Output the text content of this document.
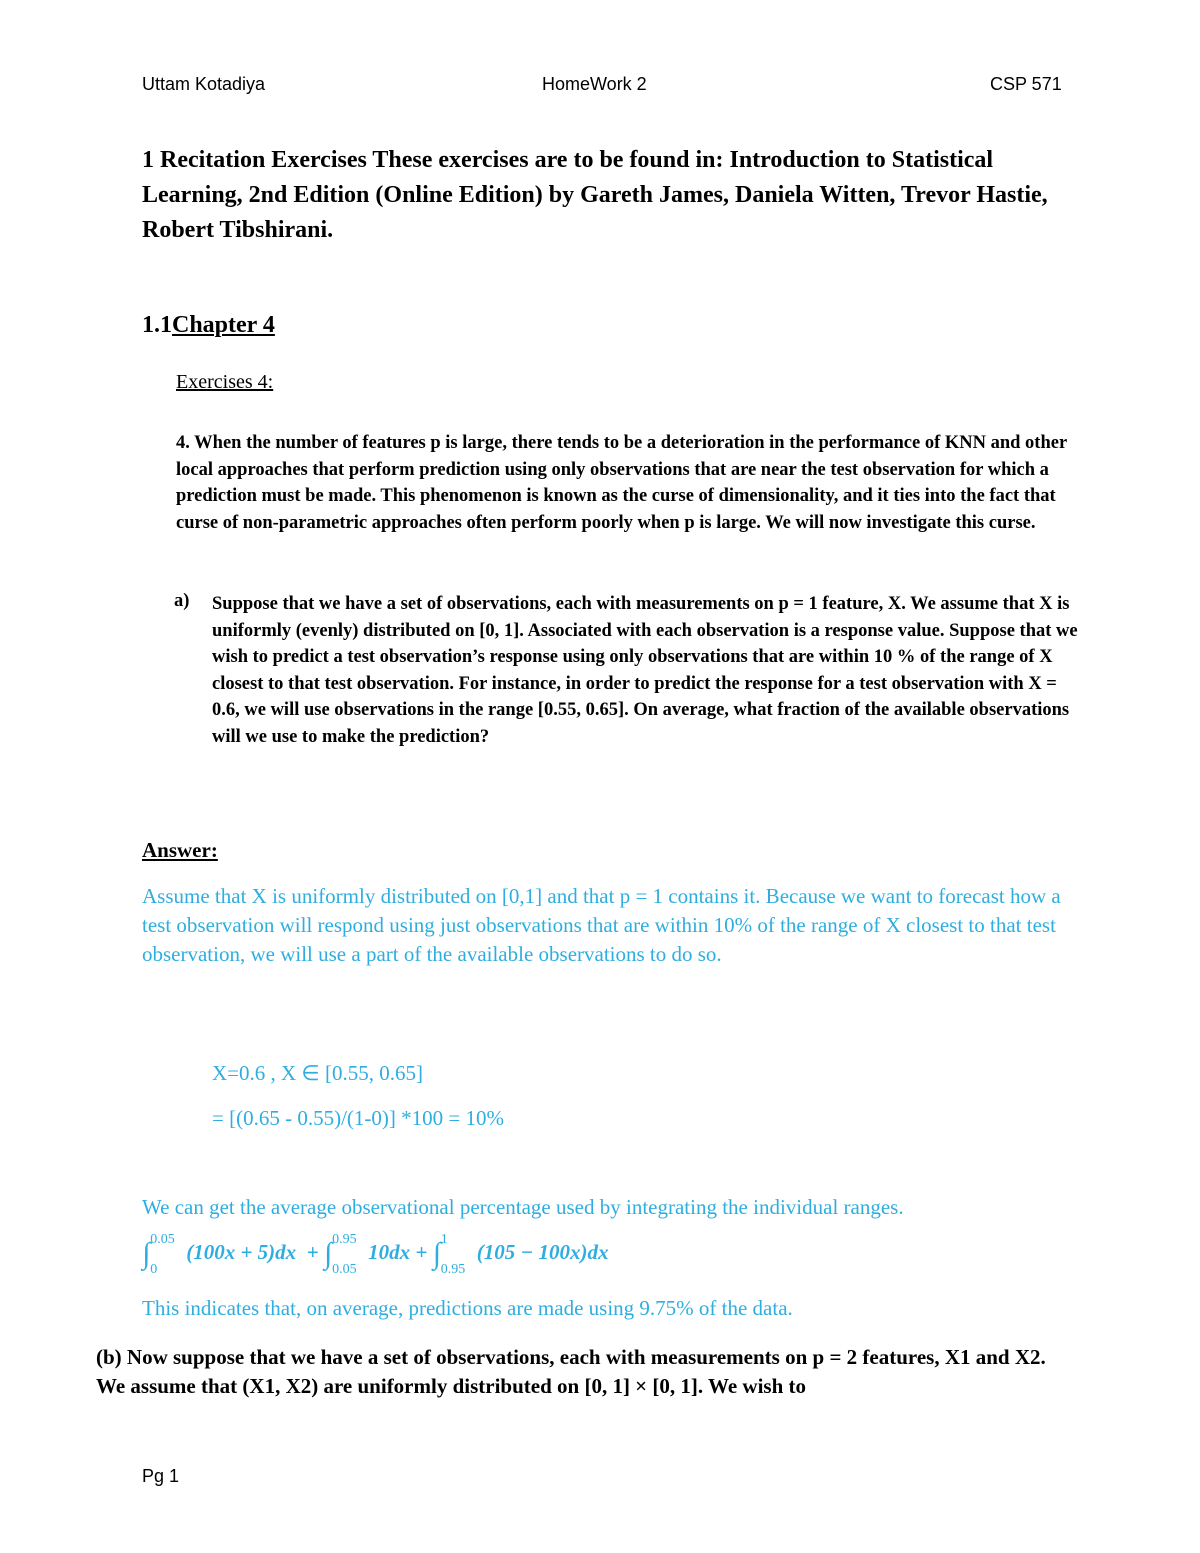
Uttam Kotadiya	HomeWork 2	CSP 571
1 Recitation Exercises These exercises are to be found in: Introduction to Statistical Learning, 2nd Edition (Online Edition) by Gareth James, Daniela Witten, Trevor Hastie, Robert Tibshirani.
1.1Chapter 4
Exercises 4:
4. When the number of features p is large, there tends to be a deterioration in the performance of KNN and other local approaches that perform prediction using only observations that are near the test observation for which a prediction must be made. This phenomenon is known as the curse of dimensionality, and it ties into the fact that curse of non-parametric approaches often perform poorly when p is large. We will now investigate this curse.
a) Suppose that we have a set of observations, each with measurements on p = 1 feature, X. We assume that X is uniformly (evenly) distributed on [0, 1]. Associated with each observation is a response value. Suppose that we wish to predict a test observation’s response using only observations that are within 10 % of the range of X closest to that test observation. For instance, in order to predict the response for a test observation with X = 0.6, we will use observations in the range [0.55, 0.65]. On average, what fraction of the available observations will we use to make the prediction?
Answer:
Assume that X is uniformly distributed on [0,1] and that p = 1 contains it. Because we want to forecast how a test observation will respond using just observations that are within 10% of the range of X closest to that test observation, we will use a part of the available observations to do so.
X=0.6 , X ∈ [0.55, 0.65]
= [(0.65 - 0.55)/(1-0)] *100 = 10%
We can get the average observational percentage used by integrating the individual ranges.
∫ 0.05
0
(100x + 5)dx  + ∫ 0.95
0.05
10dx + ∫ 1
0.95
(105 − 100x)dx
This indicates that, on average, predictions are made using 9.75% of the data.
(b) Now suppose that we have a set of observations, each with measurements on p = 2 features, X1 and X2. We assume that (X1, X2) are uniformly distributed on [0, 1] × [0, 1]. We wish to
Pg 1
